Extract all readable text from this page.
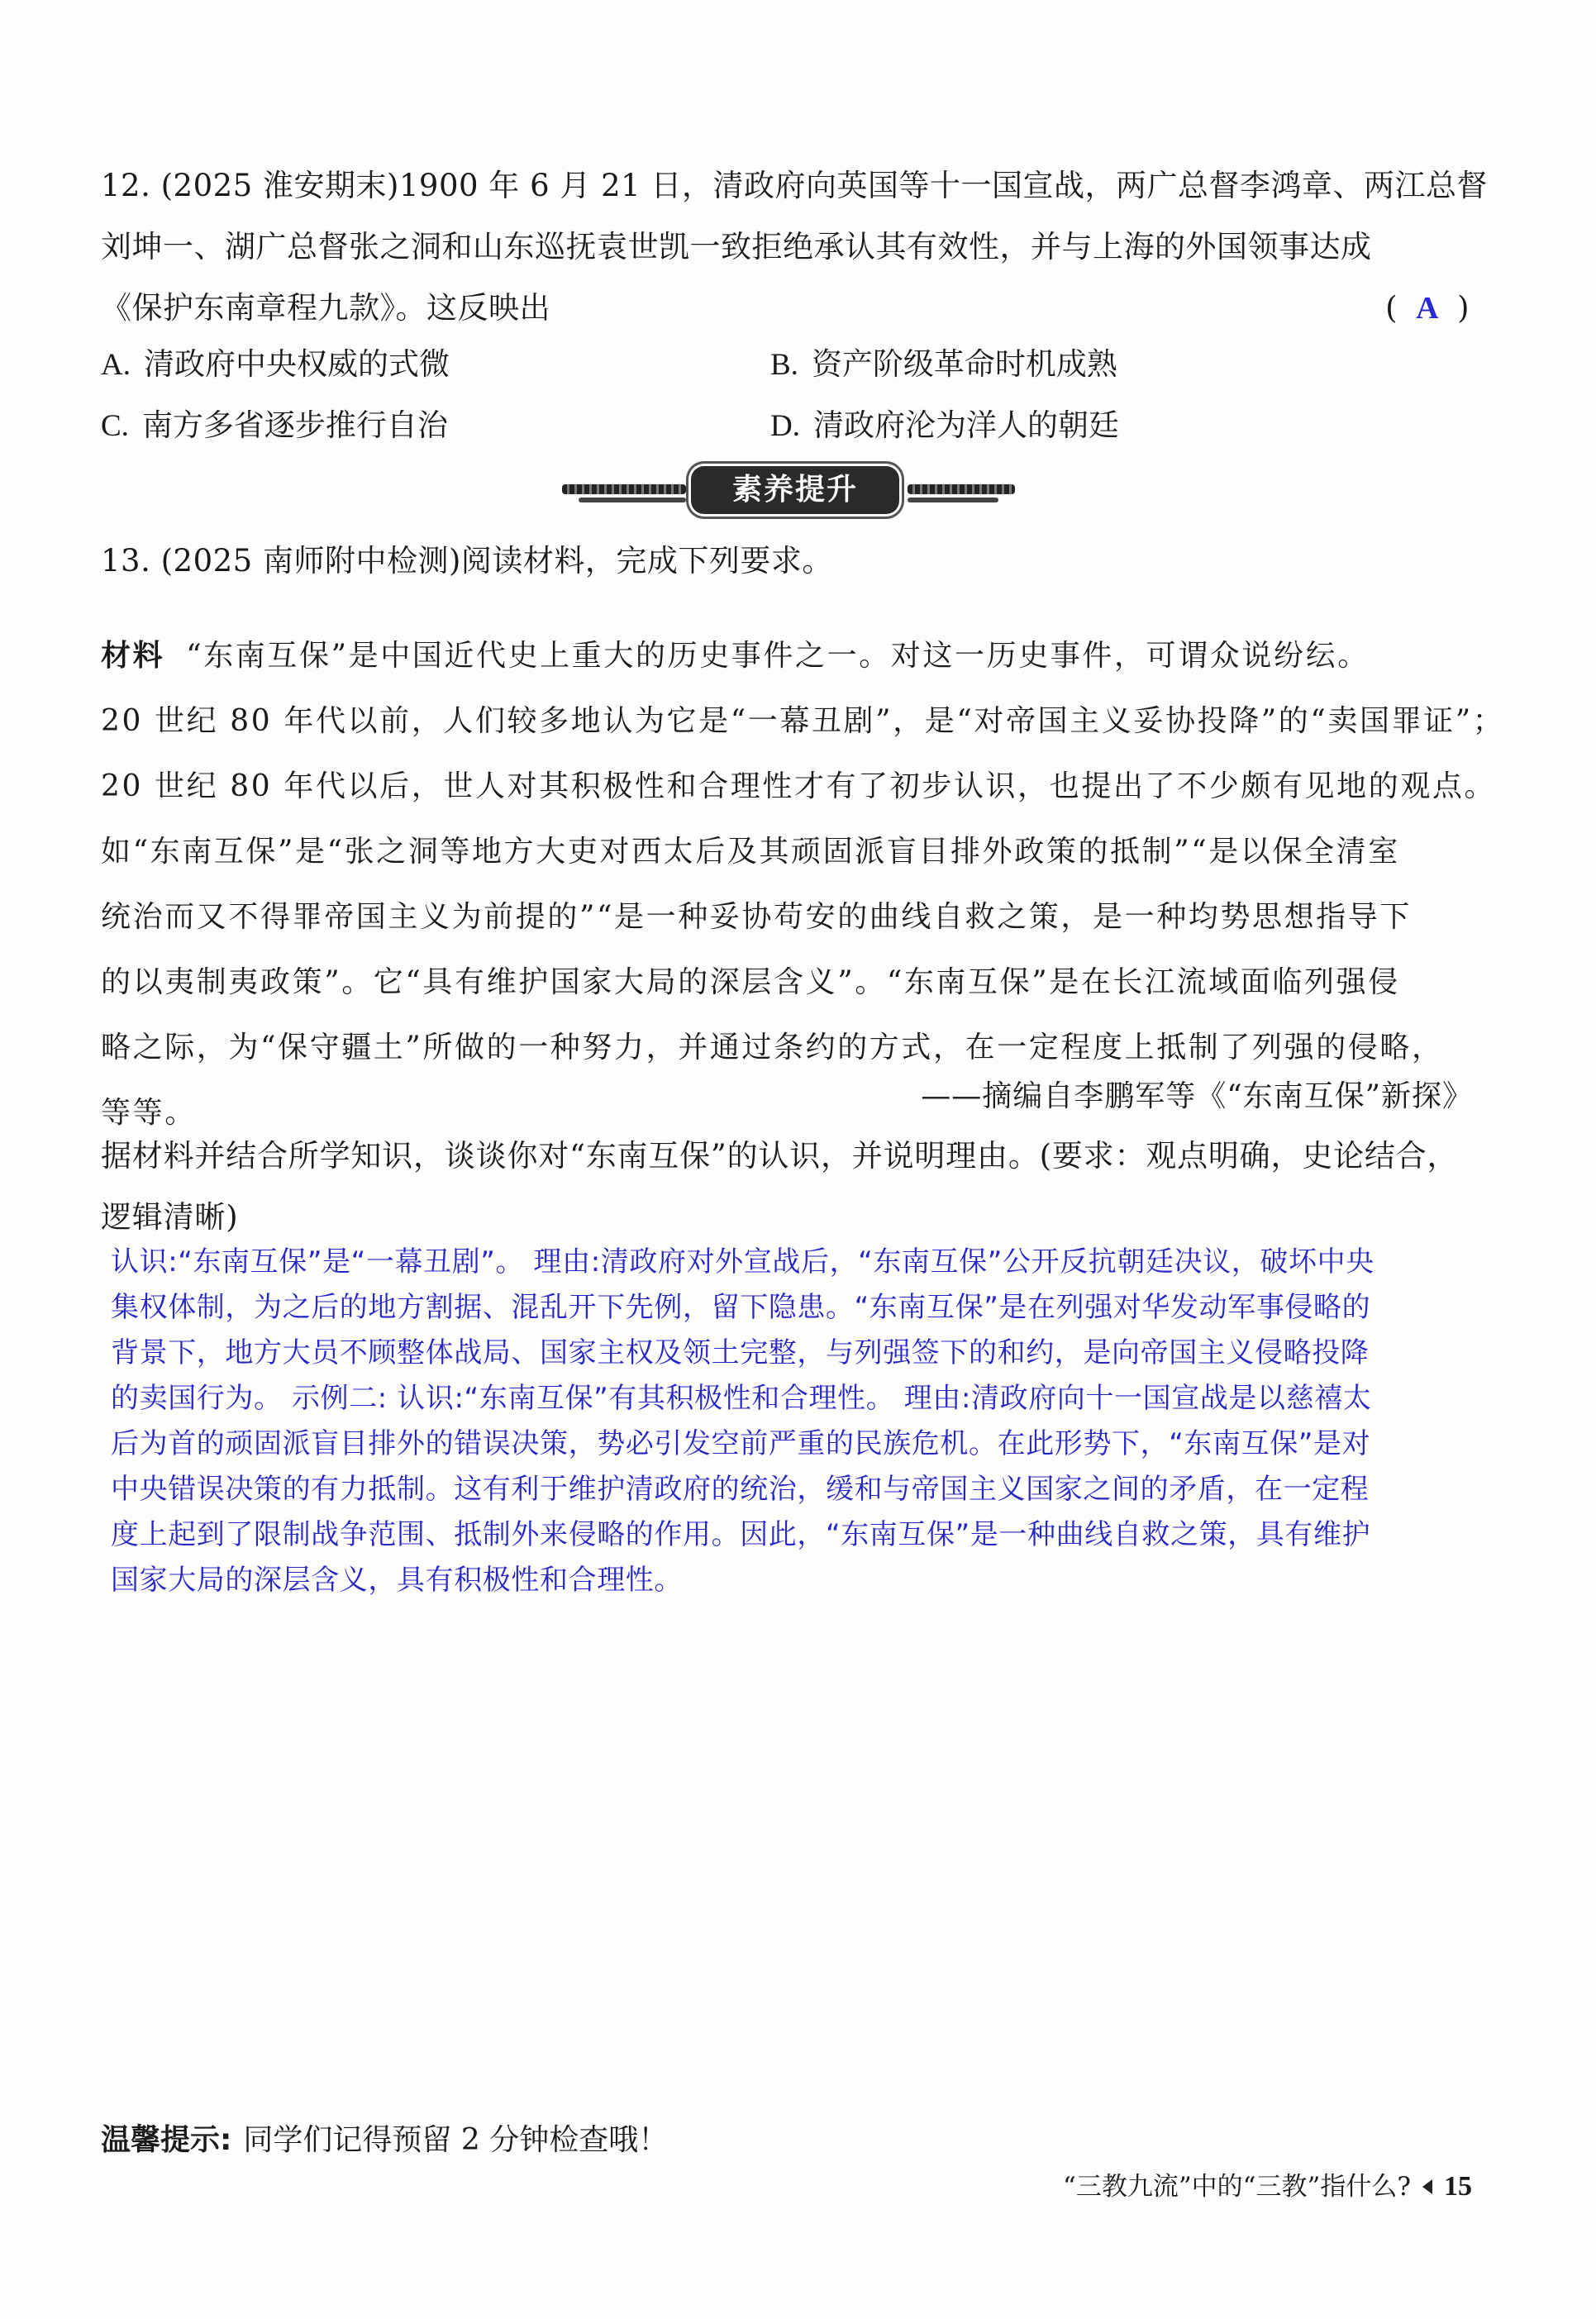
12. (2025 淮安期末)1900 年 6 月 21 日，清政府向英国等十一国宣战，两广总督李鸿章、两江总督
刘坤一、湖广总督张之洞和山东巡抚袁世凯一致拒绝承认其有效性，并与上海的外国领事达成
《保护东南章程九款》。这反映出	( A )
A. 清政府中央权威的式微	B. 资产阶级革命时机成熟
C. 南方多省逐步推行自治	D. 清政府沦为洋人的朝廷
素养提升
13. (2025 南师附中检测)阅读材料，完成下列要求。
材料 “东南互保”是中国近代史上重大的历史事件之一。对这一历史事件，可谓众说纷纭。
20 世纪 80 年代以前，人们较多地认为它是“一幕丑剧”，是“对帝国主义妥协投降”的“卖国罪证”；
20 世纪 80 年代以后，世人对其积极性和合理性才有了初步认识，也提出了不少颇有见地的观点。
如“东南互保”是“张之洞等地方大吏对西太后及其顽固派盲目排外政策的抵制”“是以保全清室
统治而又不得罪帝国主义为前提的”“是一种妥协苟安的曲线自救之策，是一种均势思想指导下
的以夷制夷政策”。它“具有维护国家大局的深层含义”。“东南互保”是在长江流域面临列强侵
略之际，为“保守疆土”所做的一种努力，并通过条约的方式，在一定程度上抵制了列强的侵略，
等等。	——摘编自李鹏军等《“东南互保”新探》
据材料并结合所学知识，谈谈你对“东南互保”的认识，并说明理由。(要求：观点明确，史论结合，
逻辑清晰)
认识:“东南互保”是“一幕丑剧”。 理由:清政府对外宣战后，“东南互保”公开反抗朝廷决议，破坏中央
集权体制，为之后的地方割据、混乱开下先例，留下隐患。“东南互保”是在列强对华发动军事侵略的
背景下，地方大员不顾整体战局、国家主权及领土完整，与列强签下的和约，是向帝国主义侵略投降
的卖国行为。 示例二: 认识:“东南互保”有其积极性和合理性。 理由:清政府向十一国宣战是以慈禧太
后为首的顽固派盲目排外的错误决策，势必引发空前严重的民族危机。在此形势下，“东南互保”是对
中央错误决策的有力抵制。这有利于维护清政府的统治，缓和与帝国主义国家之间的矛盾，在一定程
度上起到了限制战争范围、抵制外来侵略的作用。因此，“东南互保”是一种曲线自救之策，具有维护
国家大局的深层含义，具有积极性和合理性。
温馨提示: 同学们记得预留 2 分钟检查哦！
“三教九流”中的“三教”指什么? 15
